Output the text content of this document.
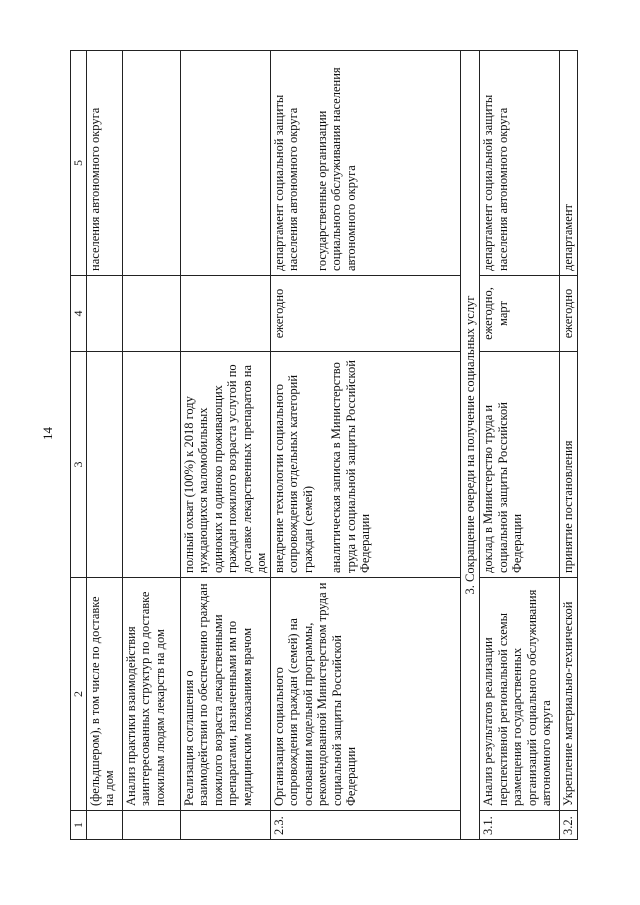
14
1	2	3	4	5
	(фельдшером), в том числе по доставке на дом			населения автономного округа
	Анализ практики взаимодействия заинтересованных структур по доставке пожилым людям лекарств на дом			
	Реализация соглашения о взаимодействии по обеспечению граждан пожилого возраста лекарственными препаратами, назначенными им по медицинским показаниям врачом	полный охват (100%) к 2018 году нуждающихся маломобильных одиноких и одиноко проживающих граждан пожилого возраста услугой по доставке лекарственных препаратов на дом		
2.3.	Организация социального сопровождения граждан (семей) на основании модельной программы, рекомендованной Министерством труда и социальной защиты Российской Федерации	внедрение технологии социального сопровождения отдельных категорий граждан (семей) аналитическая записка в Министерство труда и социальной защиты Российской Федерации	ежегодно	департамент социальной защиты населения автономного округа государственные организации социального обслуживания населения автономного округа

3. Сокращение очереди на получение социальных услуг				
3.1.	Анализ результатов реализации перспективной региональной схемы размещения государственных организаций социального обслуживания автономного округа	доклад в Министерство труда и социальной защиты Российской Федерации	ежегодно, март	департамент социальной защиты населения автономного округа
3.2.	Укрепление материально-технической	принятие постановления	ежегодно	департамент
